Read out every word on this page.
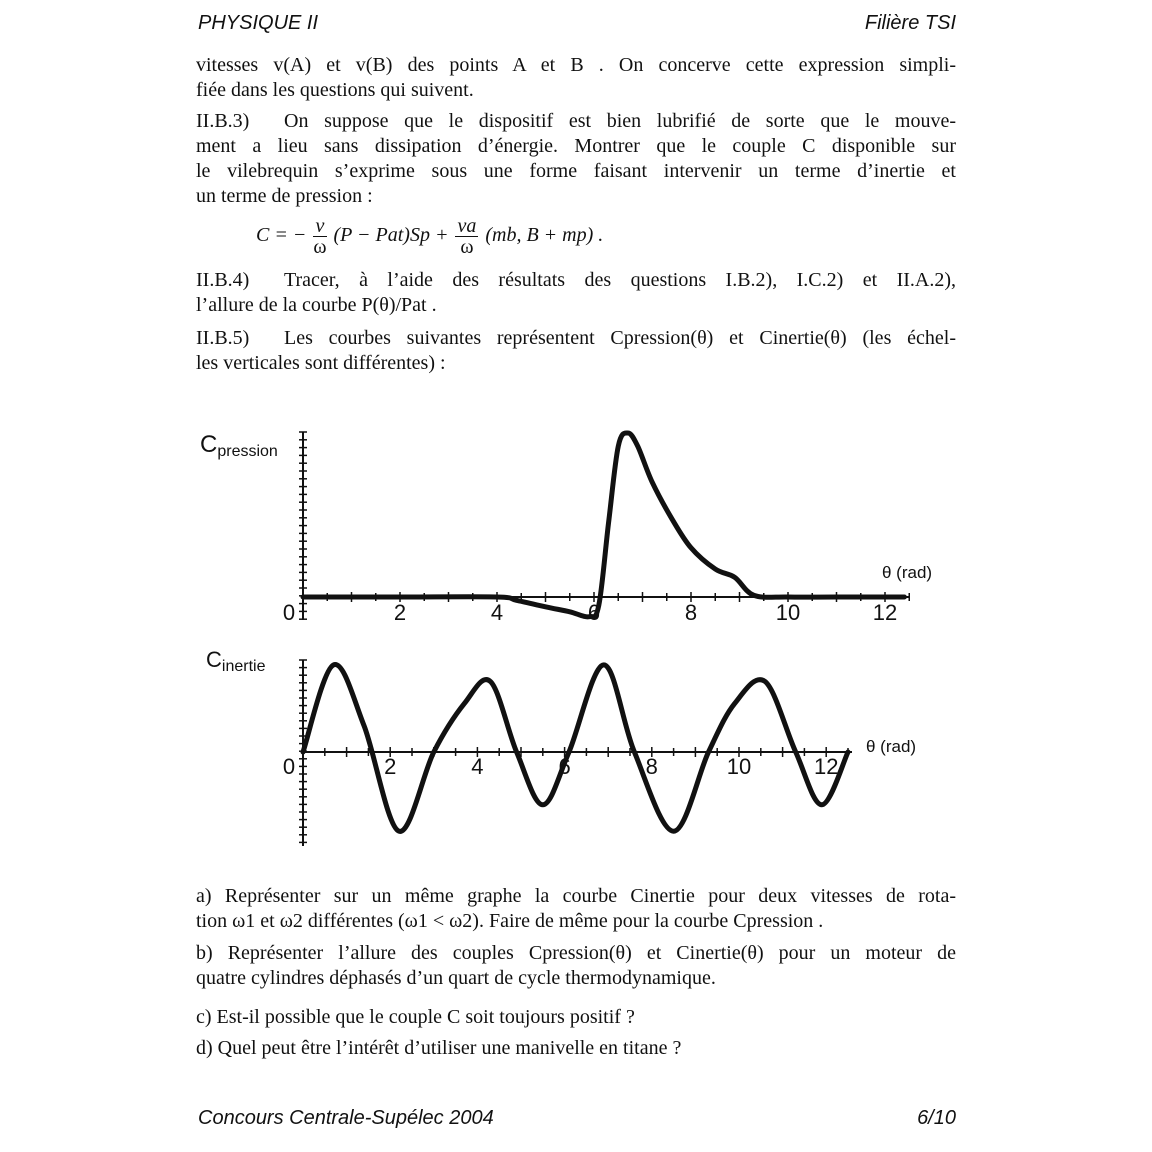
PHYSIQUE II	Filière TSI
vitesses v(A) et v(B) des points A et B . On concerve cette expression simpli-
fiée dans les questions qui suivent.
II.B.3) On suppose que le dispositif est bien lubrifié de sorte que le mouve-
ment a lieu sans dissipation d’énergie. Montrer que le couple C disponible sur
le vilebrequin s’exprime sous une forme faisant intervenir un terme d’inertie et
un terme de pression :
C = − $\frac{v}{\omega} (P - Pat)Sp + \frac{va}{\omega} (mb$, B + mp) .
II.B.4) Tracer, à l’aide des résultats des questions I.B.2), I.C.2) et II.A.2),
l’allure de la courbe P(θ)/Pat .
II.B.5) Les courbes suivantes représentent Cpression(θ) et Cinertie(θ) (les échel-
les verticales sont différentes) :
0	2	4	6	8	10	12
Cpression
θ (rad)
0	2	4	6	8	10	12
Cinertie
θ (rad)
a) Représenter sur un même graphe la courbe Cinertie pour deux vitesses de rota-
tion ω1 et ω2 différentes (ω1 < ω2). Faire de même pour la courbe Cpression .
b) Représenter l’allure des couples Cpression(θ) et Cinertie(θ) pour un moteur de
quatre cylindres déphasés d’un quart de cycle thermodynamique.
c) Est-il possible que le couple C soit toujours positif ?
d) Quel peut être l’intérêt d’utiliser une manivelle en titane ?
Concours Centrale-Supélec 2004	6/10
